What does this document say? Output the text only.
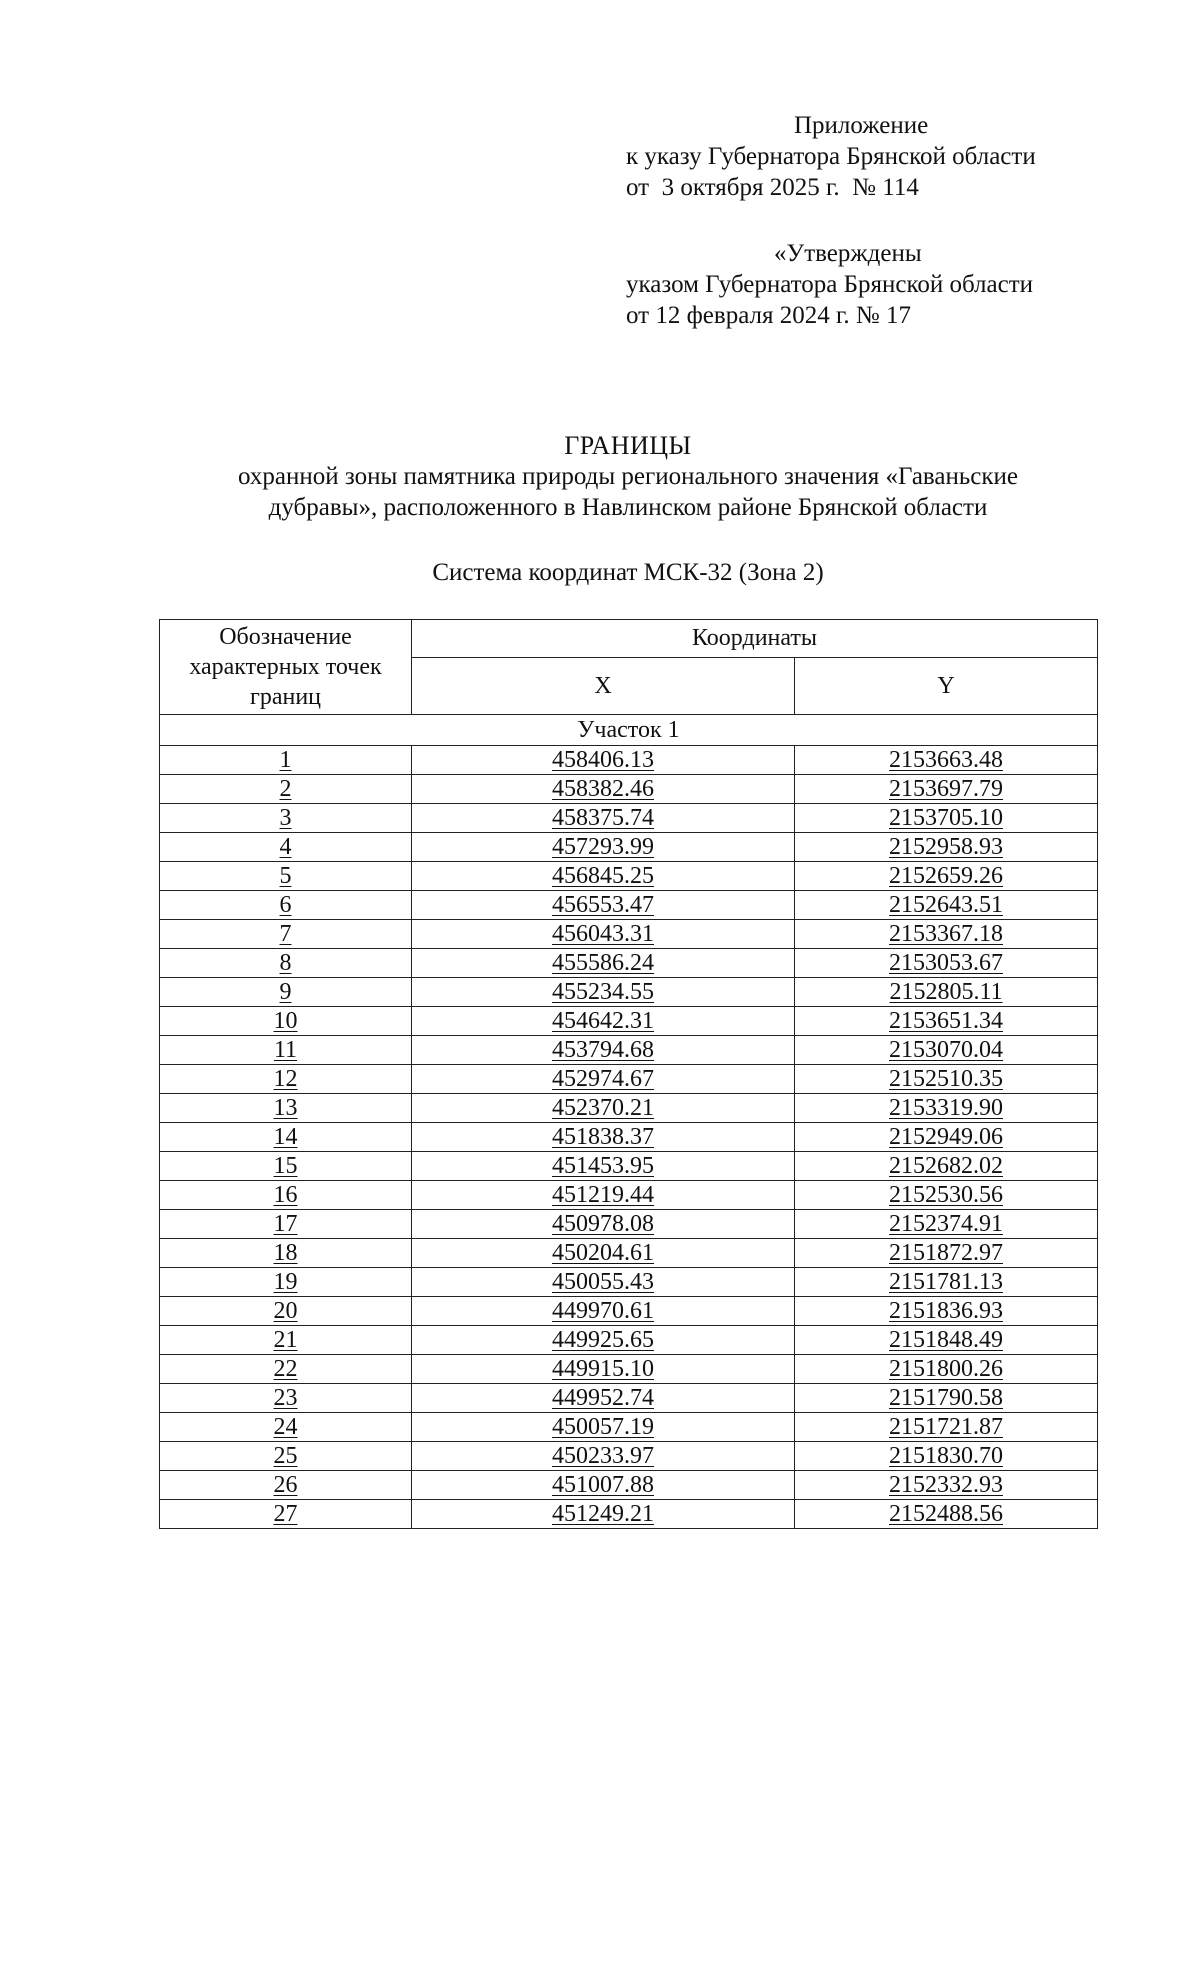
Приложение
к указу Губернатора Брянской области
от  3 октября 2025 г.  № 114
«Утверждены
указом Губернатора Брянской области
от 12 февраля 2024 г. № 17
ГРАНИЦЫ
охранной зоны памятника природы регионального значения «Гаваньские
дубравы», расположенного в Навлинском районе Брянской области
Система координат МСК-32 (Зона 2)
Обозначение характерных точек границ	Координаты	
	X	Y
Участок 1		
1	458406.13	2153663.48
2	458382.46	2153697.79
3	458375.74	2153705.10
4	457293.99	2152958.93
5	456845.25	2152659.26
6	456553.47	2152643.51
7	456043.31	2153367.18
8	455586.24	2153053.67
9	455234.55	2152805.11
10	454642.31	2153651.34
11	453794.68	2153070.04
12	452974.67	2152510.35
13	452370.21	2153319.90
14	451838.37	2152949.06
15	451453.95	2152682.02
16	451219.44	2152530.56
17	450978.08	2152374.91
18	450204.61	2151872.97
19	450055.43	2151781.13
20	449970.61	2151836.93
21	449925.65	2151848.49
22	449915.10	2151800.26
23	449952.74	2151790.58
24	450057.19	2151721.87
25	450233.97	2151830.70
26	451007.88	2152332.93
27	451249.21	2152488.56
